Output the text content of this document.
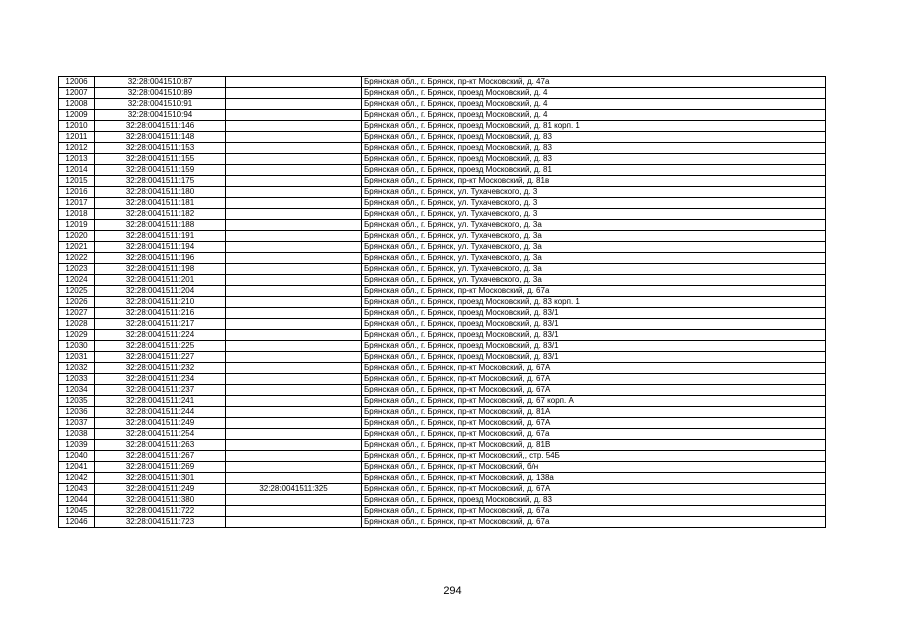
12006	32:28:0041510:87		Брянская обл., г. Брянск, пр-кт Московский, д. 47а
12007	32:28:0041510:89		Брянская обл., г. Брянск, проезд Московский, д. 4
12008	32:28:0041510:91		Брянская обл., г. Брянск, проезд Московский, д. 4
12009	32:28:0041510:94		Брянская обл., г. Брянск, проезд Московский, д. 4
12010	32:28:0041511:146		Брянская обл., г. Брянск, проезд Московский, д. 81 корп. 1
12011	32:28:0041511:148		Брянская обл., г. Брянск, проезд Московский, д. 83
12012	32:28:0041511:153		Брянская обл., г. Брянск, проезд Московский, д. 83
12013	32:28:0041511:155		Брянская обл., г. Брянск, проезд Московский, д. 83
12014	32:28:0041511:159		Брянская обл., г. Брянск, проезд Московский, д. 81
12015	32:28:0041511:175		Брянская обл., г. Брянск, пр-кт Московский, д. 81в
12016	32:28:0041511:180		Брянская обл., г. Брянск, ул. Тухачевского, д. 3
12017	32:28:0041511:181		Брянская обл., г. Брянск, ул. Тухачевского, д. 3
12018	32:28:0041511:182		Брянская обл., г. Брянск, ул. Тухачевского, д. 3
12019	32:28:0041511:188		Брянская обл., г. Брянск, ул. Тухачевского, д. 3а
12020	32:28:0041511:191		Брянская обл., г. Брянск, ул. Тухачевского, д. 3а
12021	32:28:0041511:194		Брянская обл., г. Брянск, ул. Тухачевского, д. 3а
12022	32:28:0041511:196		Брянская обл., г. Брянск, ул. Тухачевского, д. 3а
12023	32:28:0041511:198		Брянская обл., г. Брянск, ул. Тухачевского, д. 3а
12024	32:28:0041511:201		Брянская обл., г. Брянск, ул. Тухачевского, д. 3а
12025	32:28:0041511:204		Брянская обл., г. Брянск, пр-кт Московский, д. 67а
12026	32:28:0041511:210		Брянская обл., г. Брянск, проезд Московский, д. 83 корп. 1
12027	32:28:0041511:216		Брянская обл., г. Брянск, проезд Московский, д. 83/1
12028	32:28:0041511:217		Брянская обл., г. Брянск, проезд Московский, д. 83/1
12029	32:28:0041511:224		Брянская обл., г. Брянск, проезд Московский, д. 83/1
12030	32:28:0041511:225		Брянская обл., г. Брянск, проезд Московский, д. 83/1
12031	32:28:0041511:227		Брянская обл., г. Брянск, проезд Московский, д. 83/1
12032	32:28:0041511:232		Брянская обл., г. Брянск, пр-кт Московский, д. 67А
12033	32:28:0041511:234		Брянская обл., г. Брянск, пр-кт Московский, д. 67А
12034	32:28:0041511:237		Брянская обл., г. Брянск, пр-кт Московский, д. 67А
12035	32:28:0041511:241		Брянская обл., г. Брянск, пр-кт Московский, д. 67 корп. А
12036	32:28:0041511:244		Брянская обл., г. Брянск, пр-кт Московский, д. 81А
12037	32:28:0041511:249		Брянская обл., г. Брянск, пр-кт Московский, д. 67А
12038	32:28:0041511:254		Брянская обл., г. Брянск, пр-кт Московский, д. 67а
12039	32:28:0041511:263		Брянская обл., г. Брянск, пр-кт Московский, д. 81В
12040	32:28:0041511:267		Брянская обл., г. Брянск, пр-кт Московский,, стр. 54Б
12041	32:28:0041511:269		Брянская обл., г. Брянск, пр-кт Московский, б/н
12042	32:28:0041511:301		Брянская обл., г. Брянск, пр-кт Московский, д. 138а
12043	32:28:0041511:249	32:28:0041511:325	Брянская обл., г. Брянск, пр-кт Московский, д. 67А
12044	32:28:0041511:380		Брянская обл., г. Брянск, проезд Московский, д. 83
12045	32:28:0041511:722		Брянская обл., г. Брянск, пр-кт Московский, д. 67а
12046	32:28:0041511:723		Брянская обл., г. Брянск, пр-кт Московский, д. 67а
294
